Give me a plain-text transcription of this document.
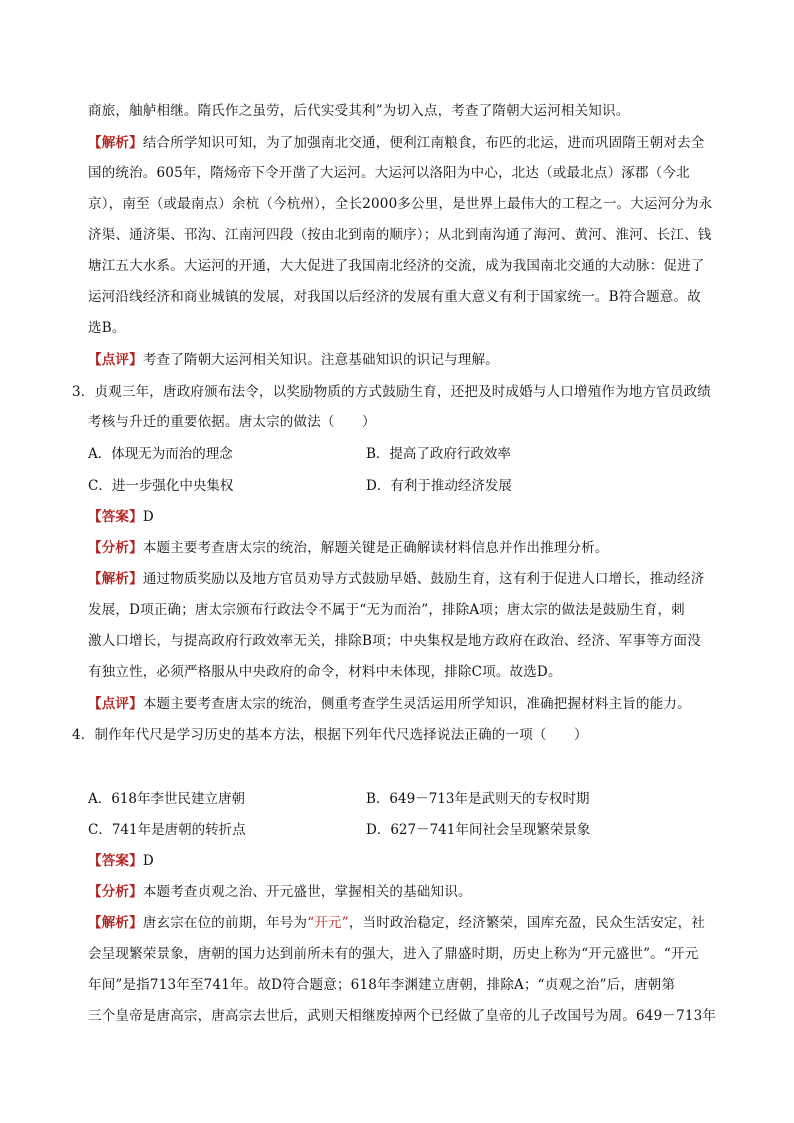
商旅，舳舻相继。隋氏作之虽劳，后代实受其利”为切入点，考查了隋朝大运河相关知识。
【解析】结合所学知识可知，为了加强南北交通，便利江南粮食，布匹的北运，进而巩固隋王朝对去全
国的统治。605年，隋炀帝下令开凿了大运河。大运河以洛阳为中心，北达（或最北点）涿郡（今北
京），南至（或最南点）余杭（今杭州），全长2000多公里，是世界上最伟大的工程之一。大运河分为永
济渠、通济渠、邗沟、江南河四段（按由北到南的顺序）；从北到南沟通了海河、黄河、淮河、长江、钱
塘江五大水系。大运河的开通，大大促进了我国南北经济的交流，成为我国南北交通的大动脉：促进了
运河沿线经济和商业城镇的发展，对我国以后经济的发展有重大意义有利于国家统一。B符合题意。故
选B。
【点评】考查了隋朝大运河相关知识。注意基础知识的识记与理解。
3．贞观三年，唐政府颁布法令，以奖励物质的方式鼓励生育，还把及时成婚与人口增殖作为地方官员政绩
考核与升迁的重要依据。唐太宗的做法（　　）
A．体现无为而治的理念	B．提高了政府行政效率
C．进一步强化中央集权	D．有利于推动经济发展
【答案】D
【分析】本题主要考查唐太宗的统治，解题关键是正确解读材料信息并作出推理分析。
【解析】通过物质奖励以及地方官员劝导方式鼓励早婚、鼓励生育，这有利于促进人口增长，推动经济
发展，D项正确；唐太宗颁布行政法令不属于“无为而治”，排除A项；唐太宗的做法是鼓励生育，刺
激人口增长，与提高政府行政效率无关，排除B项；中央集权是地方政府在政治、经济、军事等方面没
有独立性，必须严格服从中央政府的命令，材料中未体现，排除C项。故选D。
【点评】本题主要考查唐太宗的统治，侧重考查学生灵活运用所学知识，准确把握材料主旨的能力。
4．制作年代尺是学习历史的基本方法，根据下列年代尺选择说法正确的一项（　　）
A．618年李世民建立唐朝	B．649－713年是武则天的专权时期
C．741年是唐朝的转折点	D．627－741年间社会呈现繁荣景象
【答案】D
【分析】本题考查贞观之治、开元盛世，掌握相关的基础知识。
【解析】唐玄宗在位的前期，年号为“开元”，当时政治稳定，经济繁荣，国库充盈，民众生活安定，社
会呈现繁荣景象，唐朝的国力达到前所未有的强大，进入了鼎盛时期，历史上称为“开元盛世”。“开元
年间”是指713年至741年。故D符合题意；618年李渊建立唐朝，排除A；“贞观之治”后，唐朝第
三个皇帝是唐高宗，唐高宗去世后，武则天相继废掉两个已经做了皇帝的儿子改国号为周。649－713年
